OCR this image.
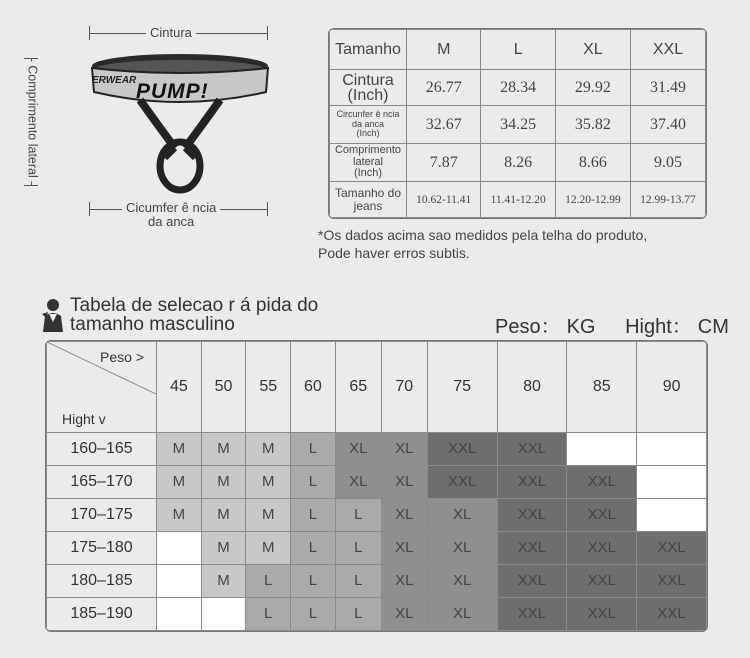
Cintura
Comprimento lateral	ERWEAR PUMP!
Cicumfer ê ncia
da anca
Tamanho	M	L	XL	XXL

Cintura
(Inch)	26.77	28.34	29.92	31.49

Circunfer ê ncia
da anca
(Inch)	32.67	34.25	35.82	37.40

Comprimento
lateral
(Inch)	7.87	8.26	8.66	9.05

Tamanho do
jeans	10.62-11.41	11.41-12.20	12.20-12.99	12.99-13.77
*Os dados acima sao medidos pela telha do produto,
Pode haver erros subtis.
Tabela de selecao r á pida do
tamanho masculino	Peso： KG Hight： CM
Peso >
Hight v	45	50	55	60	65	70	75	80	85	90
160–165	M	M	M	L	XL	XL	XXL	XXL		
165–170	M	M	M	L	XL	XL	XXL	XXL	XXL	
170–175	M	M	M	L	L	XL	XL	XXL	XXL	
175–180		M	M	L	L	XL	XL	XXL	XXL	XXL
180–185		M	L	L	L	XL	XL	XXL	XXL	XXL
185–190			L	L	L	XL	XL	XXL	XXL	XXL
